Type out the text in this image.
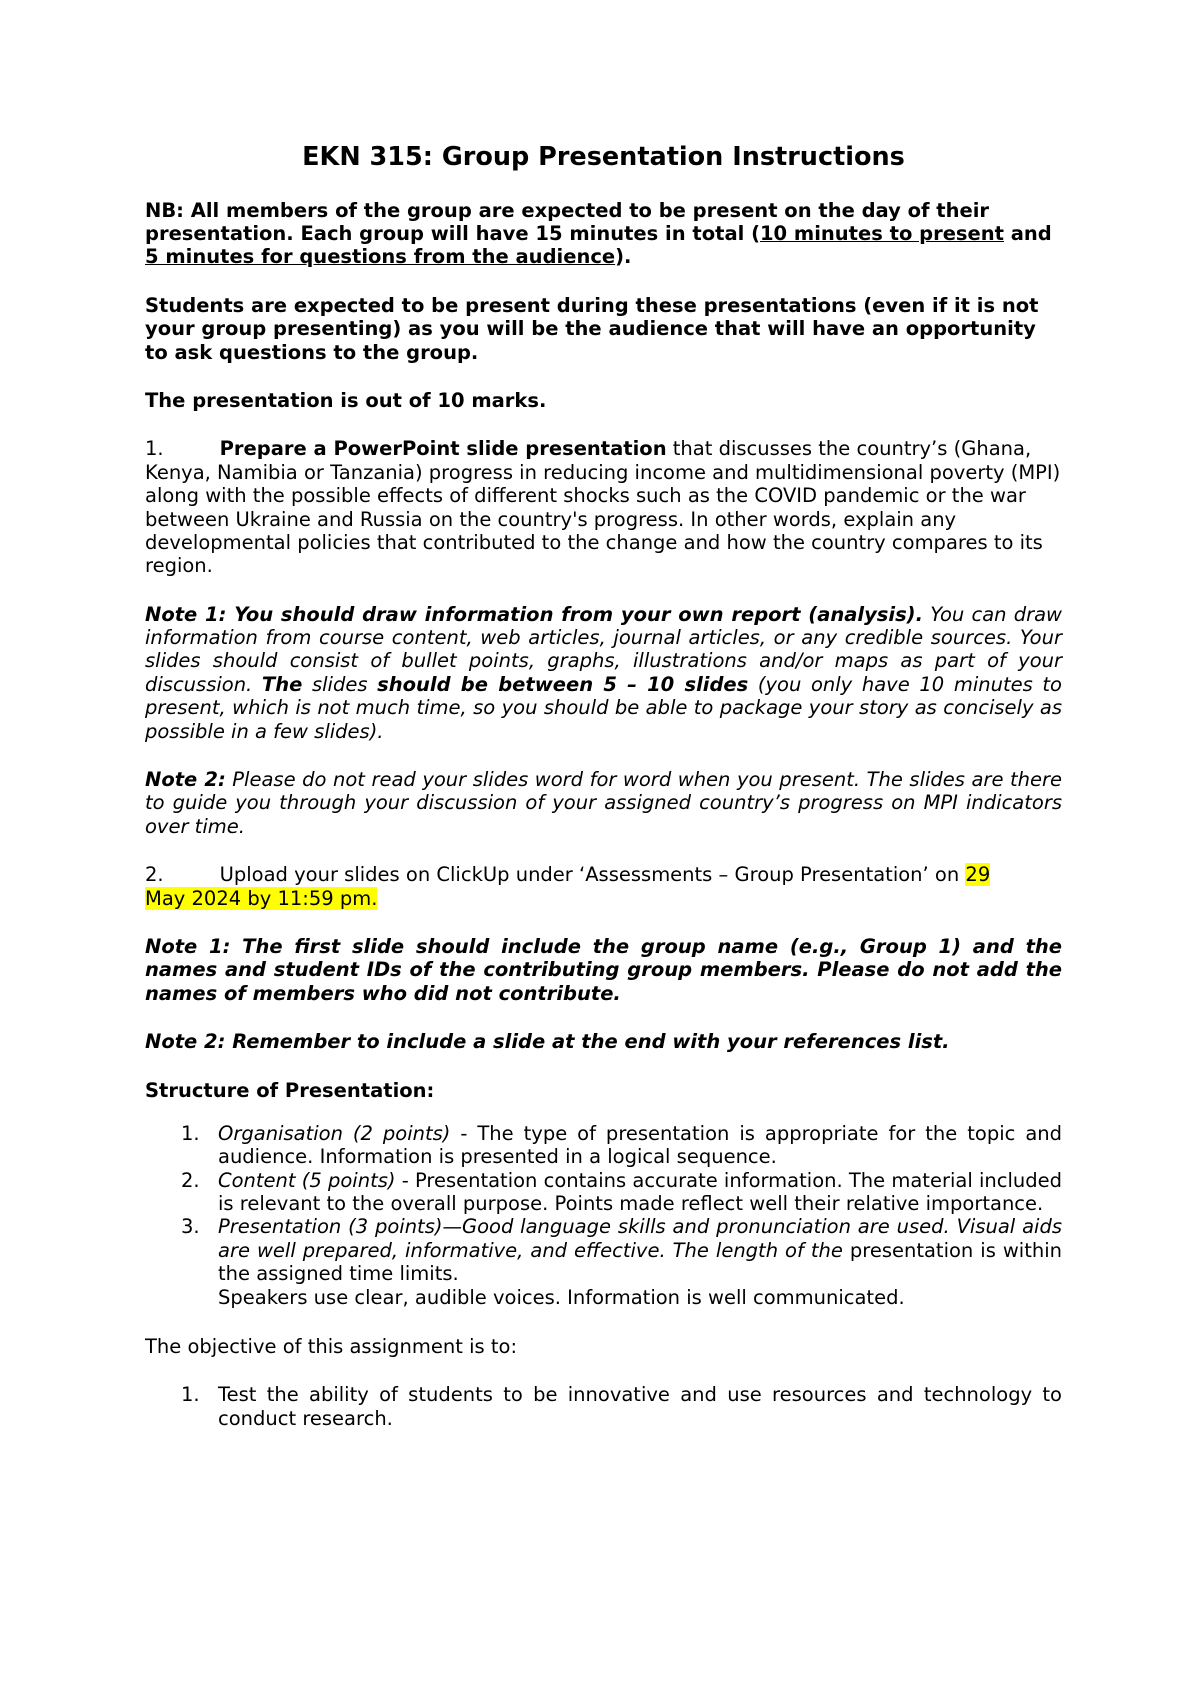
EKN 315: Group Presentation Instructions

NB: All members of the group are expected to be present on the day of their presentation. Each group will have 15 minutes in total (10 minutes to present and 5 minutes for questions from the audience).

Students are expected to be present during these presentations (even if it is not your group presenting) as you will be the audience that will have an opportunity to ask questions to the group.

The presentation is out of 10 marks.

1.	Prepare a PowerPoint slide presentation that discusses the country’s (Ghana, Kenya, Namibia or Tanzania) progress in reducing income and multidimensional poverty (MPI) along with the possible effects of different shocks such as the COVID pandemic or the war between Ukraine and Russia on the country's progress. In other words, explain any developmental policies that contributed to the change and how the country compares to its region.

Note 1: You should draw information from your own report (analysis). You can draw information from course content, web articles, journal articles, or any credible sources. Your slides should consist of bullet points, graphs, illustrations and/or maps as part of your discussion. The slides should be between 5 – 10 slides (you only have 10 minutes to present, which is not much time, so you should be able to package your story as concisely as possible in a few slides).

Note 2: Please do not read your slides word for word when you present. The slides are there to guide you through your discussion of your assigned country’s progress on MPI indicators over time.

2.	Upload your slides on ClickUp under ‘Assessments – Group Presentation’ on 29
May 2024 by 11:59 pm.

Note 1: The first slide should include the group name (e.g., Group 1) and the names and student IDs of the contributing group members. Please do not add the names of members who did not contribute.

Note 2: Remember to include a slide at the end with your references list.

Structure of Presentation:

1. Organisation (2 points) - The type of presentation is appropriate for the topic and audience. Information is presented in a logical sequence.
2. Content (5 points) - Presentation contains accurate information. The material included is relevant to the overall purpose. Points made reflect well their relative importance.
3. Presentation (3 points)—Good language skills and pronunciation are used. Visual aids are well prepared, informative, and effective. The length of the presentation is within the assigned time limits.
Speakers use clear, audible voices. Information is well communicated.

The objective of this assignment is to:

1. Test the ability of students to be innovative and use resources and technology to conduct research.
